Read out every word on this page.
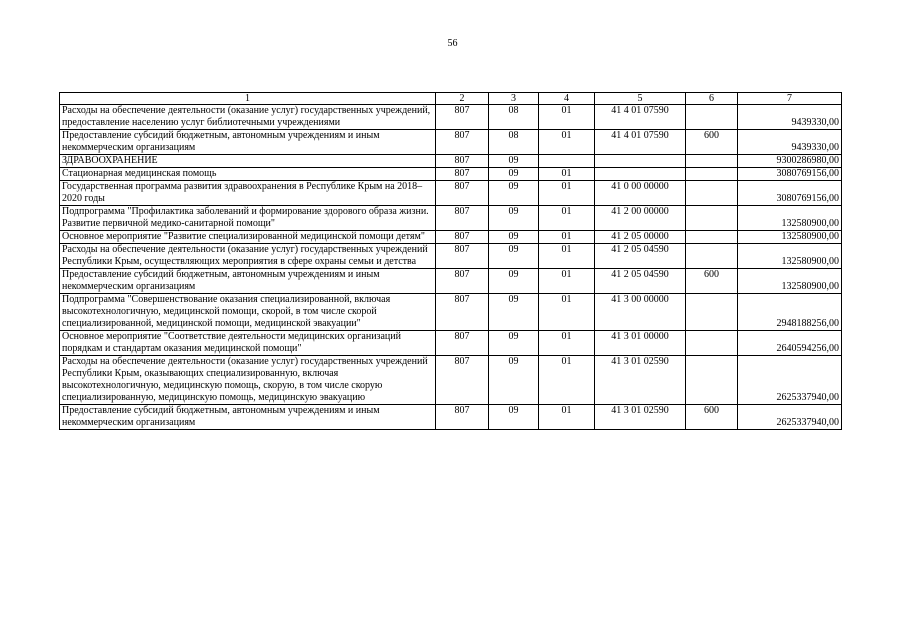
56
1	2	3	4	5	6	7
Расходы на обеспечение деятельности (оказание услуг) государственных учреждений, предоставление населению услуг библиотечными учреждениями	807	08	01	41 4 01 07590		9439330,00
Предоставление субсидий бюджетным, автономным учреждениям и иным некоммерческим организациям	807	08	01	41 4 01 07590	600	9439330,00
ЗДРАВООХРАНЕНИЕ	807	09				9300286980,00
Стационарная медицинская помощь	807	09	01			3080769156,00
Государственная программа развития здравоохранения в Республике Крым на 2018–2020 годы	807	09	01	41 0 00 00000		3080769156,00
Подпрограмма "Профилактика заболеваний и формирование здорового образа жизни. Развитие первичной медико-санитарной помощи"	807	09	01	41 2 00 00000		132580900,00
Основное мероприятие "Развитие специализированной медицинской помощи детям"	807	09	01	41 2 05 00000		132580900,00
Расходы на обеспечение деятельности (оказание услуг) государственных учреждений Республики Крым, осуществляющих мероприятия в сфере охраны семьи и детства	807	09	01	41 2 05 04590		132580900,00
Предоставление субсидий бюджетным, автономным учреждениям и иным некоммерческим организациям	807	09	01	41 2 05 04590	600	132580900,00
Подпрограмма "Совершенствование оказания специализированной, включая высокотехнологичную, медицинской помощи, скорой, в том числе скорой специализированной, медицинской помощи, медицинской эвакуации"	807	09	01	41 3 00 00000		2948188256,00
Основное мероприятие "Соответствие деятельности медицинских организаций порядкам и стандартам оказания медицинской помощи"	807	09	01	41 3 01 00000		2640594256,00
Расходы на обеспечение деятельности (оказание услуг) государственных учреждений Республики Крым, оказывающих специализированную, включая высокотехнологичную, медицинскую помощь, скорую, в том числе скорую специализированную, медицинскую помощь, медицинскую эвакуацию	807	09	01	41 3 01 02590		2625337940,00
Предоставление субсидий бюджетным, автономным учреждениям и иным некоммерческим организациям	807	09	01	41 3 01 02590	600	2625337940,00
